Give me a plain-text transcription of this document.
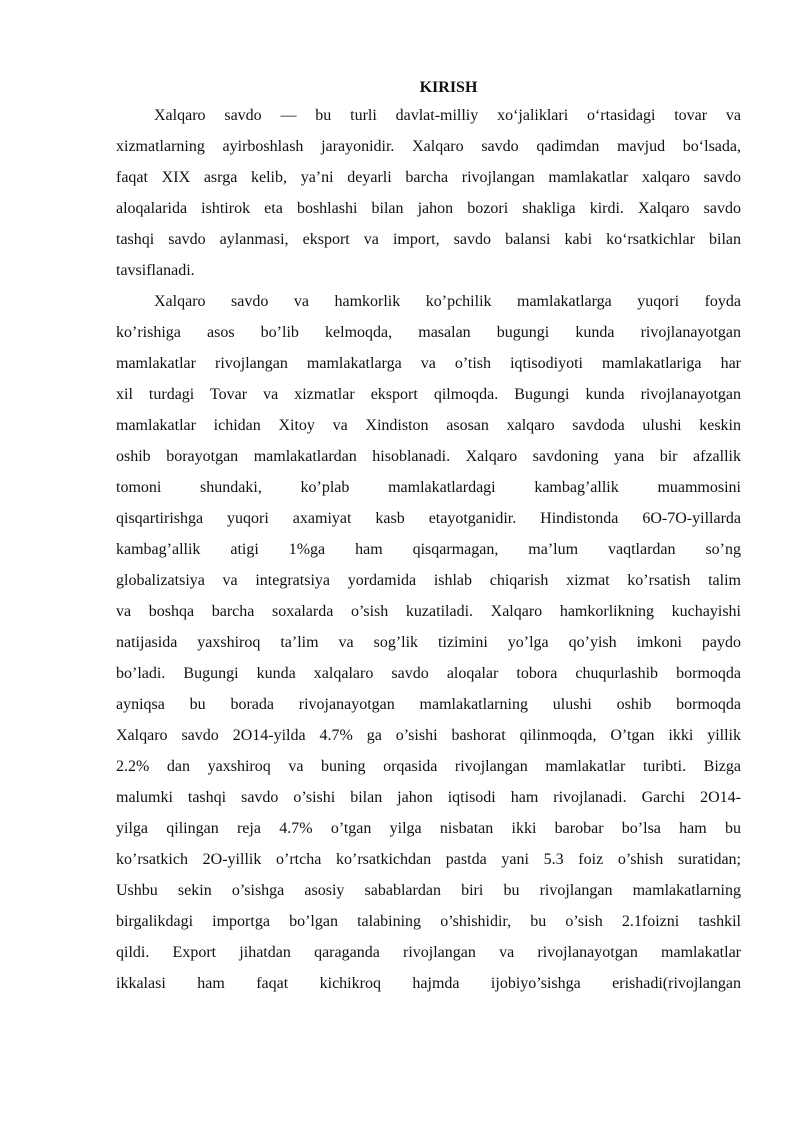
KIRISH
Xalqaro savdo — bu turli davlat-milliy xo‘jaliklari o‘rtasidagi tovar va
xizmatlarning ayirboshlash jarayonidir. Xalqaro savdo qadimdan mavjud bo‘lsada,
faqat XIX asrga kelib, ya’ni deyarli barcha rivojlangan mamlakatlar xalqaro savdo
aloqalarida ishtirok eta boshlashi bilan jahon bozori shakliga kirdi. Xalqaro savdo
tashqi savdo aylanmasi, eksport va import, savdo balansi kabi ko‘rsatkichlar bilan
tavsiflanadi.
Xalqaro savdo va hamkorlik ko’pchilik mamlakatlarga yuqori foyda
ko’rishiga asos bo’lib kelmoqda, masalan bugungi kunda rivojlanayotgan
mamlakatlar rivojlangan mamlakatlarga va o’tish iqtisodiyoti mamlakatlariga har
xil turdagi Tovar va xizmatlar eksport qilmoqda. Bugungi kunda rivojlanayotgan
mamlakatlar ichidan Xitoy va Xindiston asosan xalqaro savdoda ulushi keskin
oshib borayotgan mamlakatlardan hisoblanadi. Xalqaro savdoning yana bir afzallik
tomoni shundaki, ko’plab mamlakatlardagi kambag’allik muammosini
qisqartirishga yuqori axamiyat kasb etayotganidir. Hindistonda 6O-7O-yillarda
kambag’allik atigi 1%ga ham qisqarmagan, ma’lum vaqtlardan so’ng
globalizatsiya va integratsiya yordamida ishlab chiqarish xizmat ko’rsatish talim
va boshqa barcha soxalarda o’sish kuzatiladi. Xalqaro hamkorlikning kuchayishi
natijasida yaxshiroq ta’lim va sog’lik tizimini yo’lga qo’yish imkoni paydo
bo’ladi. Bugungi kunda xalqalaro savdo aloqalar tobora chuqurlashib bormoqda
ayniqsa bu borada rivojanayotgan mamlakatlarning ulushi oshib bormoqda
Xalqaro savdo 2O14-yilda 4.7% ga o’sishi bashorat qilinmoqda, O’tgan ikki yillik
2.2% dan yaxshiroq va buning orqasida rivojlangan mamlakatlar turibti. Bizga
malumki tashqi savdo o’sishi bilan jahon iqtisodi ham rivojlanadi. Garchi 2O14-
yilga qilingan reja 4.7% o’tgan yilga nisbatan ikki barobar bo’lsa ham bu
ko’rsatkich 2O-yillik o’rtcha ko’rsatkichdan pastda yani 5.3 foiz o’shish suratidan;
Ushbu sekin o’sishga asosiy sabablardan biri bu rivojlangan mamlakatlarning
birgalikdagi importga bo’lgan talabining o’shishidir, bu o’sish 2.1foizni tashkil
qildi. Export jihatdan qaraganda rivojlangan va rivojlanayotgan mamlakatlar
ikkalasi ham faqat kichikroq hajmda ijobiyo’sishga erishadi(rivojlangan
